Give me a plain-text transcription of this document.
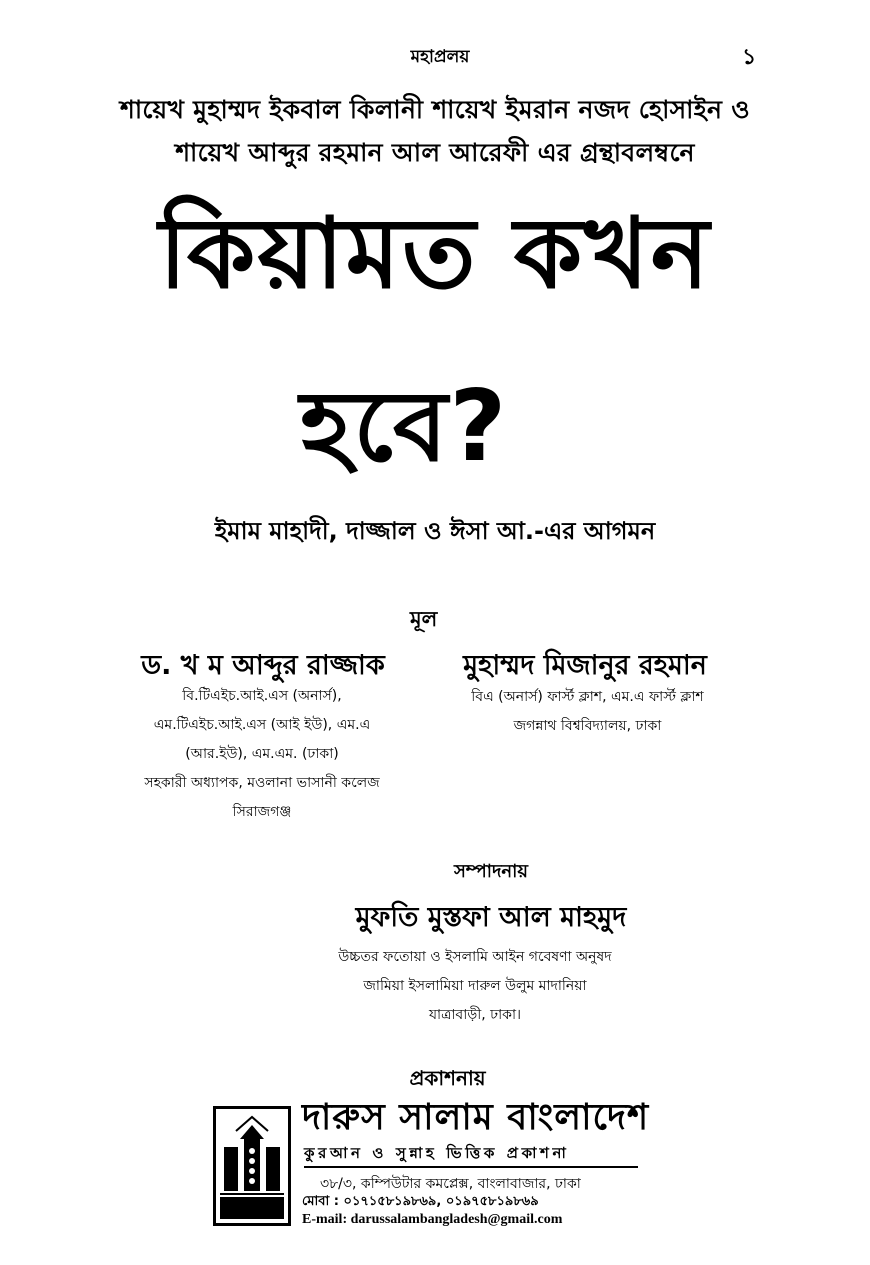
মহাপ্রলয়	১
শায়েখ মুহাম্মদ ইকবাল কিলানী শায়েখ ইমরান নজদ হোসাইন ও
শায়েখ আব্দুর রহমান আল আরেফী এর গ্রন্থাবলম্বনে
কিয়ামত কখন
হবে?
ইমাম মাহাদী, দাজ্জাল ও ঈসা আ.-এর আগমন
মূল
ড. খ ম আব্দুর রাজ্জাক
বি.টিএইচ.আই.এস (অনার্স),
এম.টিএইচ.আই.এস (আই ইউ), এম.এ
(আর.ইউ), এম.এম. (ঢাকা)
সহকারী অধ্যাপক, মওলানা ভাসানী কলেজ
সিরাজগঞ্জ
মুহাম্মদ মিজানুর রহমান
বিএ (অনার্স) ফার্স্ট ক্লাশ, এম.এ ফার্স্ট ক্লাশ
জগন্নাথ বিশ্ববিদ্যালয়, ঢাকা
সম্পাদনায়
মুফতি মুস্তফা আল মাহমুদ
উচ্চতর ফতোয়া ও ইসলামি আইন গবেষণা অনুষদ
জামিয়া ইসলামিয়া দারুল উলুম মাদানিয়া
যাত্রাবাড়ী, ঢাকা।
প্রকাশনায়
দারুস সালাম বাংলাদেশ
কুরআন ও সুন্নাহ ভিত্তিক প্রকাশনা
৩৮/৩, কম্পিউটার কমপ্লেক্স, বাংলাবাজার, ঢাকা
মোবা : ০১৭১৫৮১৯৮৬৯, ০১৯৭৫৮১৯৮৬৯
E-mail: darussalambangladesh@gmail.com
